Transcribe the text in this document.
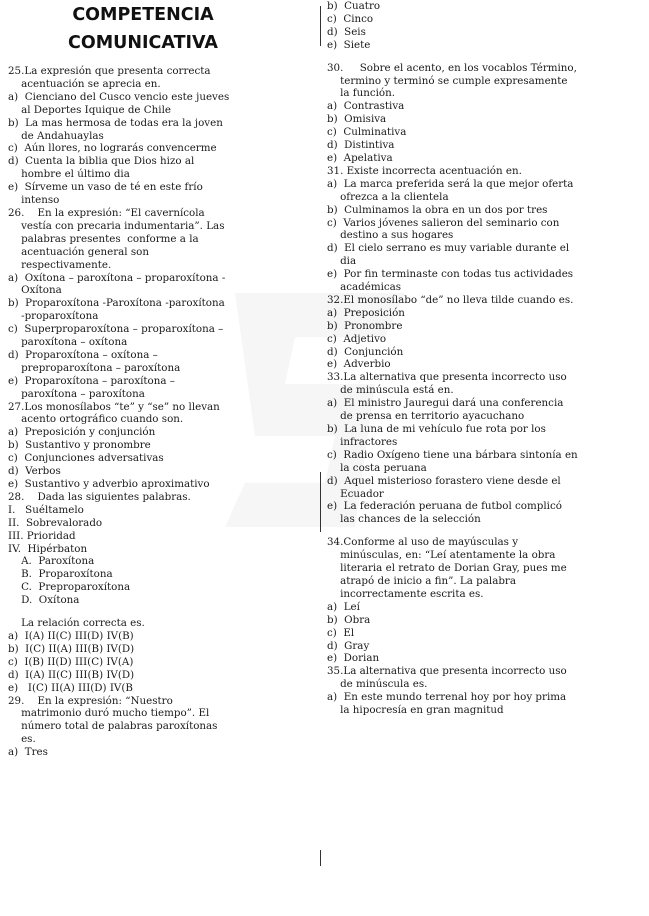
COMPETENCIA
COMUNICATIVA
25.La expresión que presenta correcta
acentuación se aprecia en.
a)  Cienciano del Cusco vencio este jueves
al Deportes Iquique de Chile
b)  La mas hermosa de todas era la joven
de Andahuaylas
c)  Aún llores, no lograrás convencerme
d)  Cuenta la biblia que Dios hizo al
hombre el último dia
e)  Sírveme un vaso de té en este frío
intenso
26.    En la expresión: “El cavernícola
vestía con precaria indumentaria”. Las
palabras presentes  conforme a la
acentuación general son
respectivamente.
a)  Oxítona – paroxítona – proparoxítona -
Oxítona
b)  Proparoxítona -Paroxítona -paroxítona
-proparoxítona
c)  Superproparoxítona – proparoxítona –
paroxítona – oxítona
d)  Proparoxítona – oxítona –
preproparoxítona – paroxítona
e)  Proparoxítona – paroxítona –
paroxítona – paroxítona
27.Los monosílabos “te” y “se” no llevan
acento ortográfico cuando son.
a)  Preposición y conjunción
b)  Sustantivo y pronombre
c)  Conjunciones adversativas
d)  Verbos
e)  Sustantivo y adverbio aproximativo
28.    Dada las siguientes palabras.
I.   Suéltamelo
II.  Sobrevalorado
III. Prioridad
IV.  Hipérbaton
A.  Paroxítona
B.  Proparoxítona
C.  Preproparoxítona
D.  Oxítona
La relación correcta es.
a)  I(A) II(C) III(D) IV(B)
b)  I(C) II(A) III(B) IV(D)
c)  I(B) II(D) III(C) IV(A)
d)  I(A) II(C) III(B) IV(D)
e)   I(C) II(A) III(D) IV(B
29.    En la expresión: “Nuestro
matrimonio duró mucho tiempo”. El
número total de palabras paroxítonas
es.
a)  Tres
b)  Cuatro
c)  Cinco
d)  Seis
e)  Siete
30.     Sobre el acento, en los vocablos Término,
termino y terminó se cumple expresamente
la función.
a)  Contrastiva
b)  Omisiva
c)  Culminativa
d)  Distintiva
e)  Apelativa
31. Existe incorrecta acentuación en.
a)  La marca preferida será la que mejor oferta
ofrezca a la clientela
b)  Culminamos la obra en un dos por tres
c)  Varios jóvenes salieron del seminario con
destino a sus hogares
d)  El cielo serrano es muy variable durante el
dia
e)  Por fin terminaste con todas tus actividades
académicas
32.El monosílabo “de” no lleva tilde cuando es.
a)  Preposición
b)  Pronombre
c)  Adjetivo
d)  Conjunción
e)  Adverbio
33.La alternativa que presenta incorrecto uso
de minúscula está en.
a)  El ministro Jauregui dará una conferencia
de prensa en territorio ayacuchano
b)  La luna de mi vehículo fue rota por los
infractores
c)  Radio Oxígeno tiene una bárbara sintonía en
la costa peruana
d)  Aquel misterioso forastero viene desde el
Ecuador
e)  La federación peruana de futbol complicó
las chances de la selección
34.Conforme al uso de mayúsculas y
minúsculas, en: “Leí atentamente la obra
literaria el retrato de Dorian Gray, pues me
atrapó de inicio a fin”. La palabra
incorrectamente escrita es.
a)  Leí
b)  Obra
c)  El
d)  Gray
e)  Dorian
35.La alternativa que presenta incorrecto uso
de minúscula es.
a)  En este mundo terrenal hoy por hoy prima
la hipocresía en gran magnitud
